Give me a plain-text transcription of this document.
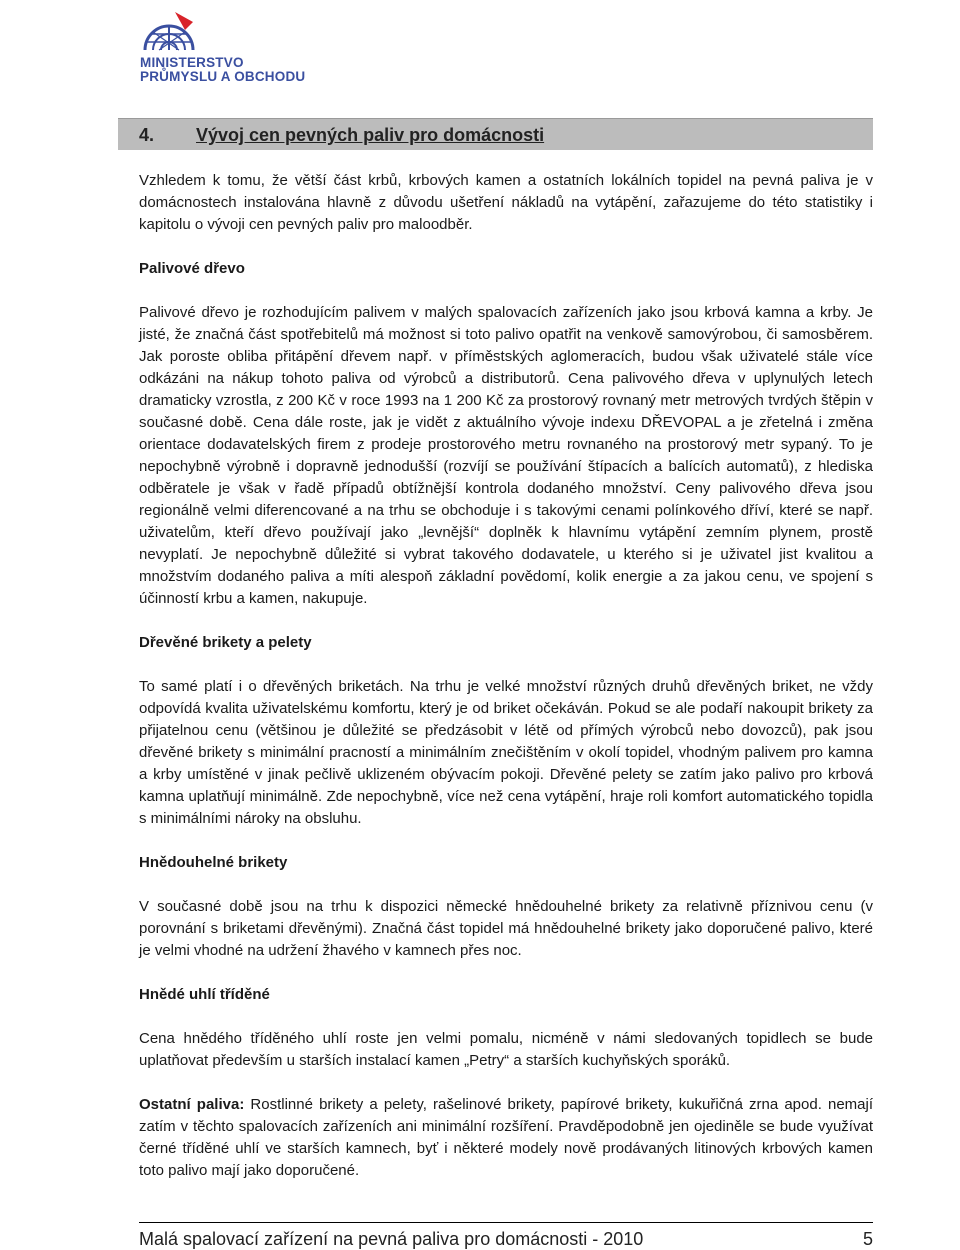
MINISTERSTVO
PRŮMYSLU A OBCHODU
4. Vývoj cen pevných paliv pro domácnosti

Vzhledem k tomu, že větší část krbů, krbových kamen a ostatních lokálních topidel na pevná paliva je v domácnostech instalována hlavně z důvodu ušetření nákladů na vytápění, zařazujeme do této statistiky i kapitolu o vývoji cen pevných paliv pro maloodběr.

Palivové dřevo

Palivové dřevo je rozhodujícím palivem v malých spalovacích zařízeních jako jsou krbová kamna a krby. Je jisté, že značná část spotřebitelů má možnost si toto palivo opatřit na venkově samovýrobou, či samosběrem. Jak poroste obliba přitápění dřevem např. v příměstských aglomeracích, budou však uživatelé stále více odkázáni na nákup tohoto paliva od výrobců a distributorů. Cena palivového dřeva v uplynulých letech dramaticky vzrostla, z 200 Kč v roce 1993 na 1 200 Kč za prostorový rovnaný metr metrových tvrdých štěpin v současné době. Cena dále roste, jak je vidět z aktuálního vývoje indexu DŘEVOPAL a je zřetelná i změna orientace dodavatelských firem z prodeje prostorového metru rovnaného na prostorový metr sypaný. To je nepochybně výrobně i dopravně jednodušší (rozvíjí se používání štípacích a balících automatů), z hlediska odběratele je však v řadě případů obtížnější kontrola dodaného množství. Ceny palivového dřeva jsou regionálně velmi diferencované a na trhu se obchoduje i s takovými cenami polínkového dříví, které se např. uživatelům, kteří dřevo používají jako „levnější“ doplněk k hlavnímu vytápění zemním plynem, prostě nevyplatí. Je nepochybně důležité si vybrat takového dodavatele, u kterého si je uživatel jist kvalitou a množstvím dodaného paliva a míti alespoň základní povědomí, kolik energie a za jakou cenu, ve spojení s účinností krbu a kamen, nakupuje.

Dřevěné brikety a pelety

To samé platí i o dřevěných briketách. Na trhu je velké množství různých druhů dřevěných briket, ne vždy odpovídá kvalita uživatelskému komfortu, který je od briket očekáván. Pokud se ale podaří nakoupit brikety za přijatelnou cenu (většinou je důležité se předzásobit v létě od přímých výrobců nebo dovozců), pak jsou dřevěné brikety s minimální pracností a minimálním znečištěním v okolí topidel, vhodným palivem pro kamna a krby umístěné v jinak pečlivě uklizeném obývacím pokoji. Dřevěné pelety se zatím jako palivo pro krbová kamna uplatňují minimálně. Zde nepochybně, více než cena vytápění, hraje roli komfort automatického topidla s minimálními nároky na obsluhu.

Hnědouhelné brikety

V současné době jsou na trhu k dispozici německé hnědouhelné brikety za relativně příznivou cenu (v porovnání s briketami dřevěnými). Značná část topidel má hnědouhelné brikety jako doporučené palivo, které je velmi vhodné na udržení žhavého v kamnech přes noc.

Hnědé uhlí tříděné

Cena hnědého tříděného uhlí roste jen velmi pomalu, nicméně v námi sledovaných topidlech se bude uplatňovat především u starších instalací kamen „Petry“ a starších kuchyňských sporáků.

Ostatní paliva: Rostlinné brikety a pelety, rašelinové brikety, papírové brikety, kukuřičná zrna apod. nemají zatím v těchto spalovacích zařízeních ani minimální rozšíření. Pravděpodobně jen ojediněle se bude využívat černé tříděné uhlí ve starších kamnech, byť i některé modely nově prodávaných litinových krbových kamen toto palivo mají jako doporučené.

Malá spalovací zařízení na pevná paliva pro domácnosti - 2010	5
